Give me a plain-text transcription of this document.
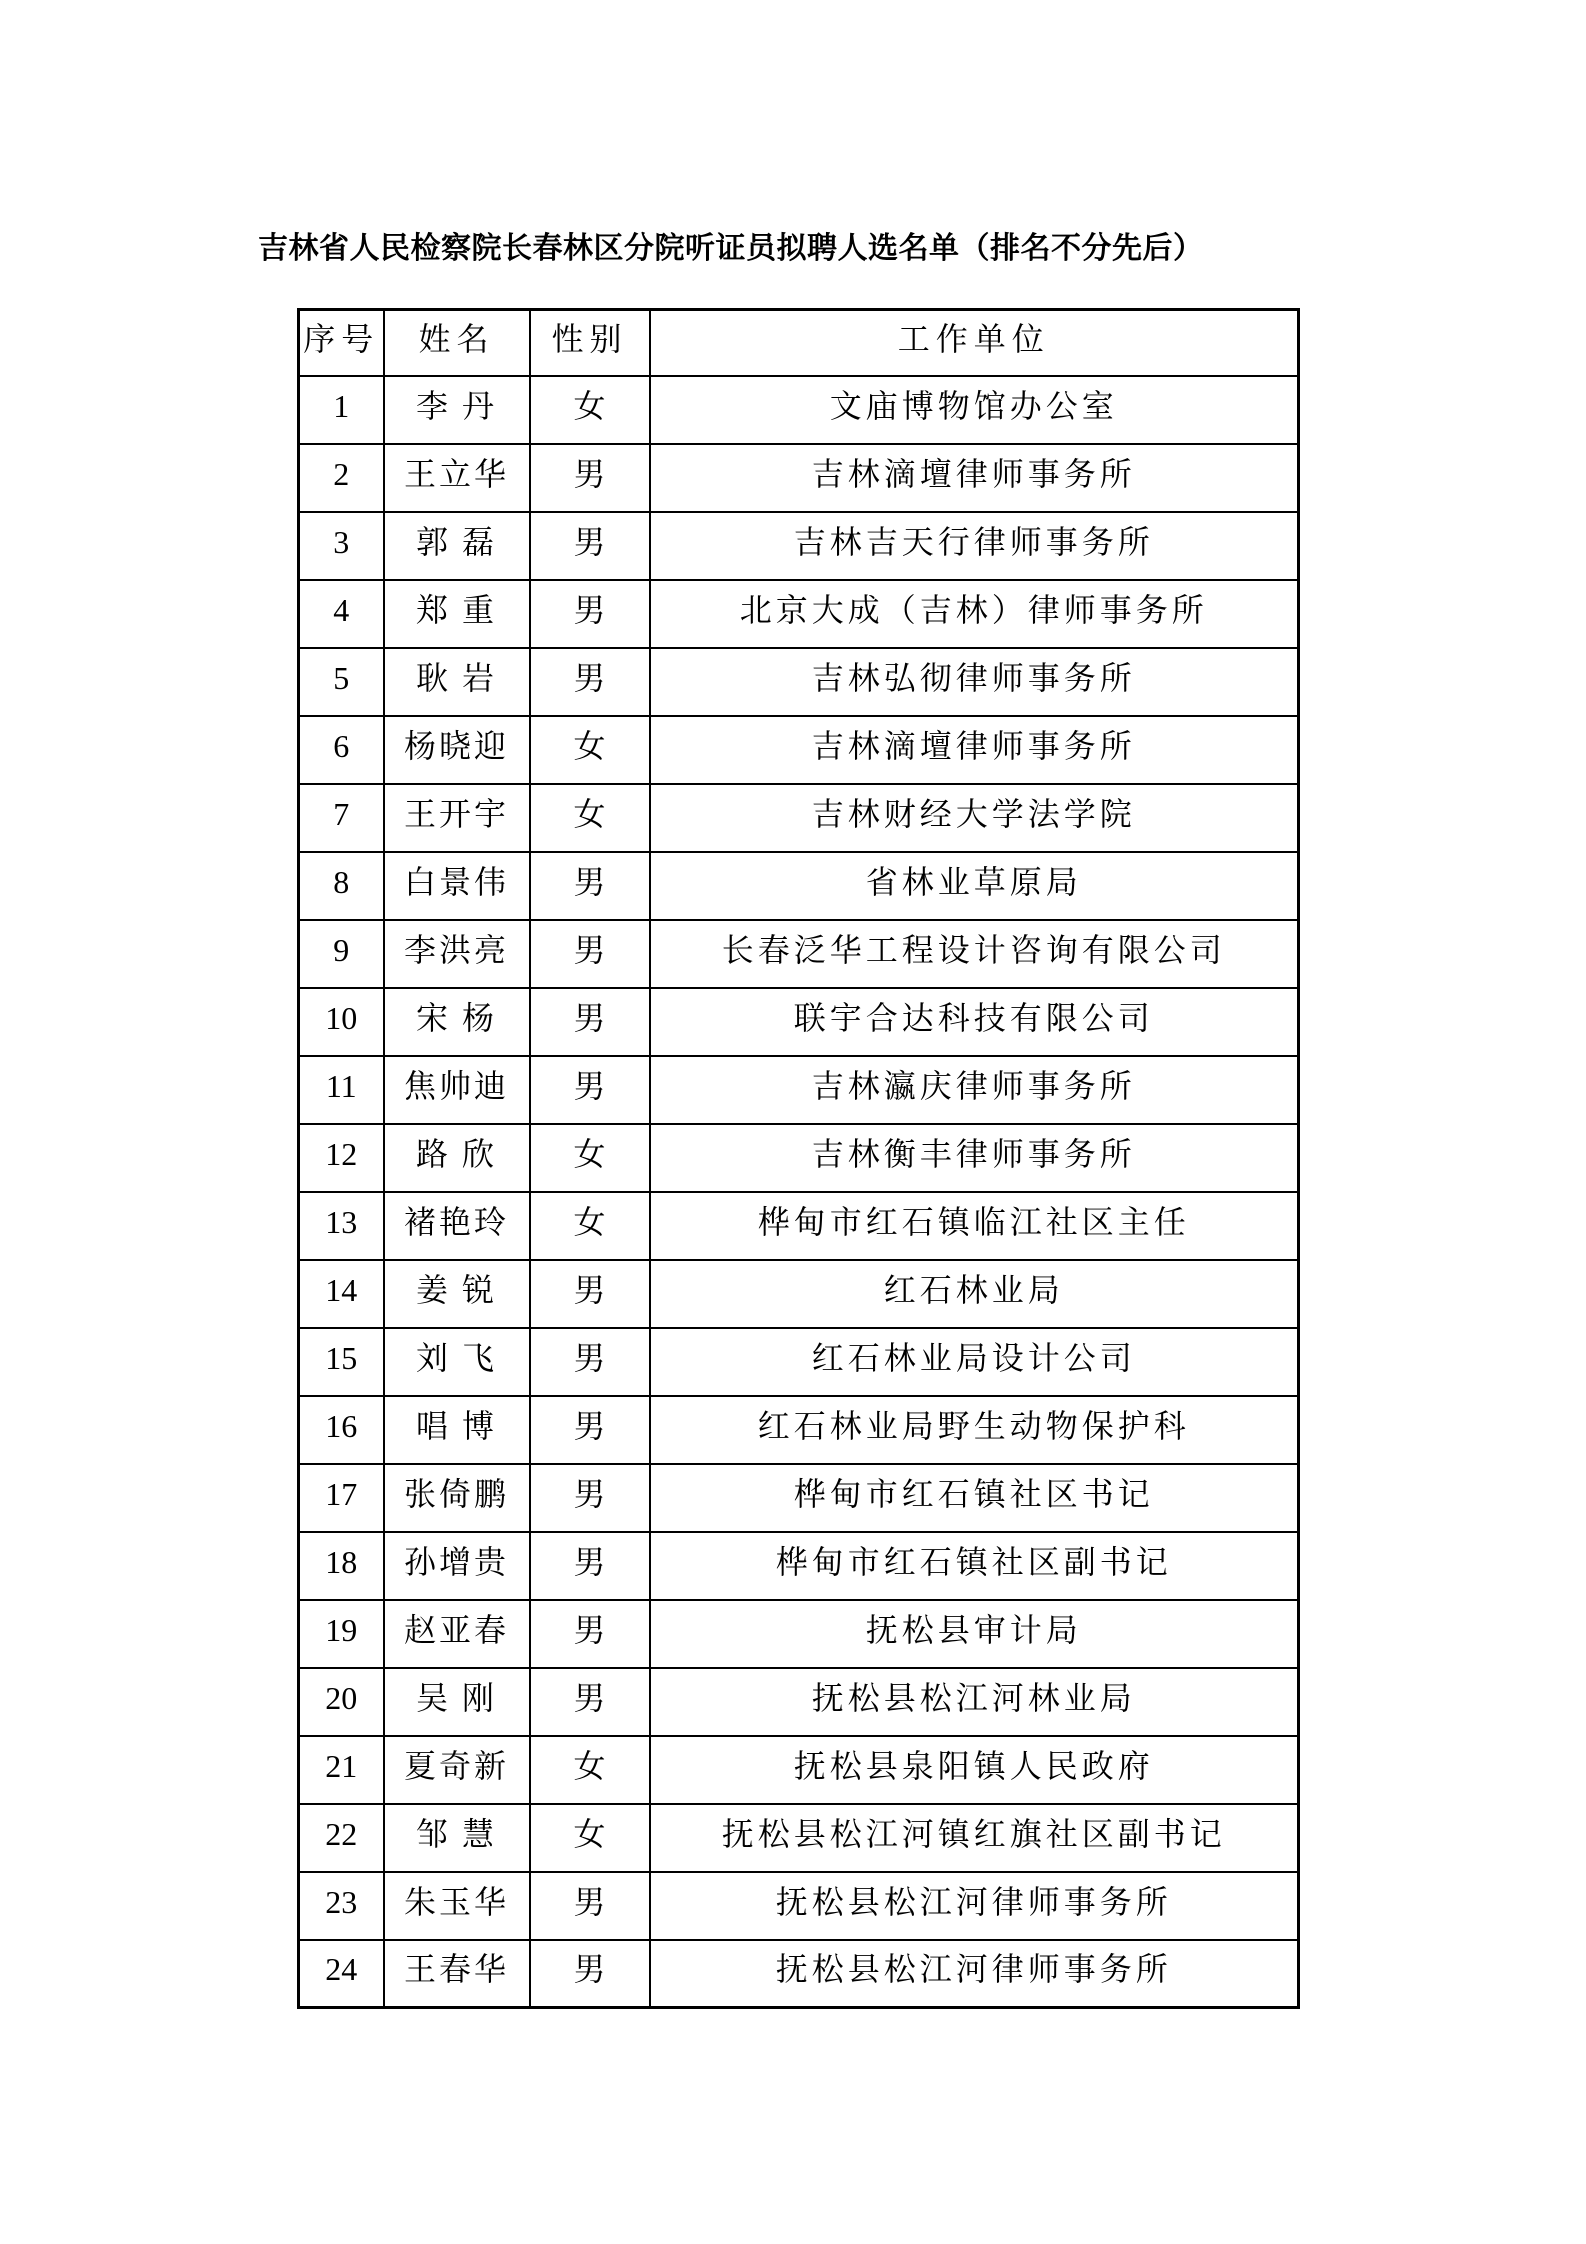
吉林省人民检察院长春林区分院听证员拟聘人选名单（排名不分先后）
序号	姓名	性别	工作单位
1	李 丹	女	文庙博物馆办公室
2	王立华	男	吉林滴壇律师事务所
3	郭 磊	男	吉林吉天行律师事务所
4	郑 重	男	北京大成（吉林）律师事务所
5	耿 岩	男	吉林弘彻律师事务所
6	杨晓迎	女	吉林滴壇律师事务所
7	王开宇	女	吉林财经大学法学院
8	白景伟	男	省林业草原局
9	李洪亮	男	长春泛华工程设计咨询有限公司
10	宋 杨	男	联宇合达科技有限公司
11	焦帅迪	男	吉林瀛庆律师事务所
12	路 欣	女	吉林衡丰律师事务所
13	褚艳玲	女	桦甸市红石镇临江社区主任
14	姜 锐	男	红石林业局
15	刘 飞	男	红石林业局设计公司
16	唱 博	男	红石林业局野生动物保护科
17	张倚鹏	男	桦甸市红石镇社区书记
18	孙增贵	男	桦甸市红石镇社区副书记
19	赵亚春	男	抚松县审计局
20	吴 刚	男	抚松县松江河林业局
21	夏奇新	女	抚松县泉阳镇人民政府
22	邹 慧	女	抚松县松江河镇红旗社区副书记
23	朱玉华	男	抚松县松江河律师事务所
24	王春华	男	抚松县松江河律师事务所
